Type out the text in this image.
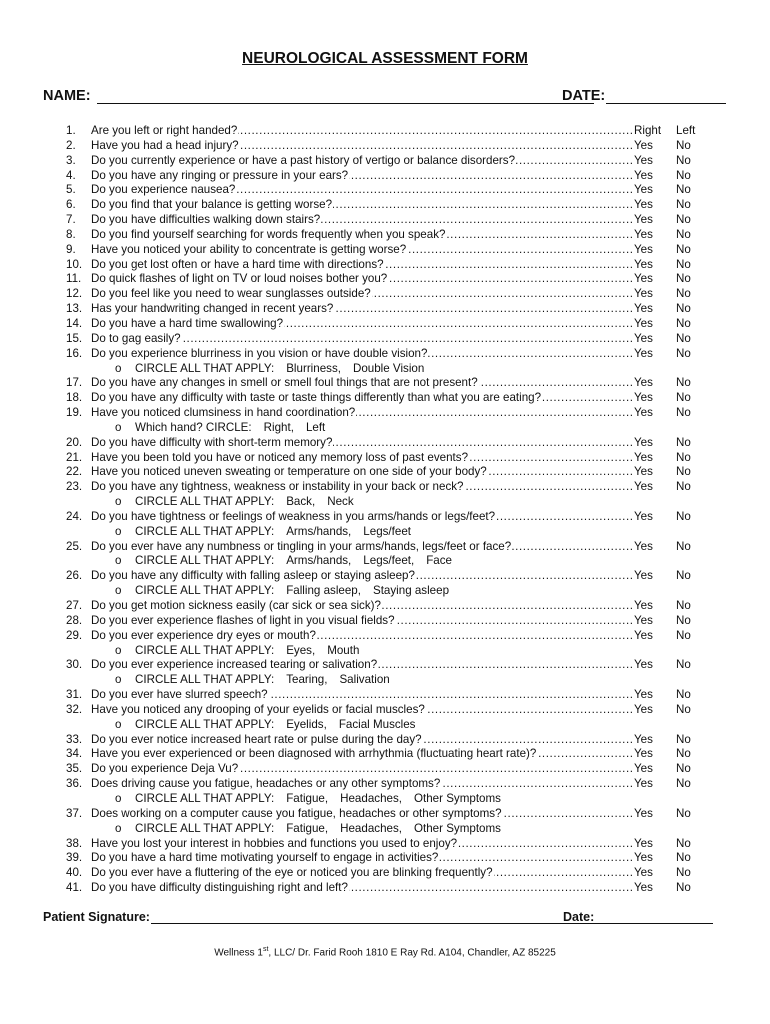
NEUROLOGICAL ASSESSMENT FORM
NAME:	DATE:
1.	Are you left or right handed? .....	Right Left
2.	Have you had a head injury? .....	Yes	No
3.	Do you currently experience or have a past history of vertigo or balance disorders? .....	Yes	No
4.	Do you have any ringing or pressure in your ears? .....	Yes	No
5.	Do you experience nausea? .....	Yes	No
6.	Do you find that your balance is getting worse? .....	Yes	No
7.	Do you have difficulties walking down stairs? .....	Yes	No
8.	Do you find yourself searching for words frequently when you speak? .....	Yes	No
9.	Have you noticed your ability to concentrate is getting worse? .....	Yes	No
10. Do you get lost often or have a hard time with directions? .....	Yes	No
11. Do quick flashes of light on TV or loud noises bother you? .....	Yes	No
12. Do you feel like you need to wear sunglasses outside? .....	Yes	No
13. Has your handwriting changed in recent years? .....	Yes	No
14. Do you have a hard time swallowing? .....	Yes	No
15. Do to gag easily? .....	Yes	No
16. Do you experience blurriness in you vision or have double vision? .....	Yes	No
o CIRCLE ALL THAT APPLY: Blurriness, Double Vision
17. Do you have any changes in smell or smell foul things that are not present? .....	Yes	No
18. Do you have any difficulty with taste or taste things differently than what you are eating? .....	Yes	No
19. Have you noticed clumsiness in hand coordination? .....	Yes	No
o Which hand? CIRCLE: Right, Left
20. Do you have difficulty with short-term memory? .....	Yes	No
21. Have you been told you have or noticed any memory loss of past events? .....	Yes	No
22. Have you noticed uneven sweating or temperature on one side of your body? .....	Yes	No
23. Do you have any tightness, weakness or instability in your back or neck? .....	Yes	No
o CIRCLE ALL THAT APPLY: Back, Neck
24. Do you have tightness or feelings of weakness in you arms/hands or legs/feet? .....	Yes	No
o CIRCLE ALL THAT APPLY: Arms/hands, Legs/feet
25. Do you ever have any numbness or tingling in your arms/hands, legs/feet or face? .....	Yes	No
o CIRCLE ALL THAT APPLY: Arms/hands, Legs/feet, Face
26. Do you have any difficulty with falling asleep or staying asleep? .....	Yes	No
o CIRCLE ALL THAT APPLY: Falling asleep, Staying asleep
27. Do you get motion sickness easily (car sick or sea sick)? .....	Yes	No
28. Do you ever experience flashes of light in you visual fields? .....	Yes	No
29. Do you ever experience dry eyes or mouth? .....	Yes	No
o CIRCLE ALL THAT APPLY: Eyes, Mouth
30. Do you ever experience increased tearing or salivation? .....	Yes	No
o CIRCLE ALL THAT APPLY: Tearing, Salivation
31. Do you ever have slurred speech? .....	Yes	No
32. Have you noticed any drooping of your eyelids or facial muscles? .....	Yes	No
o CIRCLE ALL THAT APPLY: Eyelids, Facial Muscles
33. Do you ever notice increased heart rate or pulse during the day? .....	Yes	No
34. Have you ever experienced or been diagnosed with arrhythmia (fluctuating heart rate)? .....	Yes	No
35. Do you experience Deja Vu? .....	Yes	No
36. Does driving cause you fatigue, headaches or any other symptoms? .....	Yes	No
o CIRCLE ALL THAT APPLY: Fatigue, Headaches, Other Symptoms
37. Does working on a computer cause you fatigue, headaches or other symptoms? .....	Yes	No
o CIRCLE ALL THAT APPLY: Fatigue, Headaches, Other Symptoms
38. Have you lost your interest in hobbies and functions you used to enjoy? .....	Yes	No
39. Do you have a hard time motivating yourself to engage in activities? .....	Yes	No
40. Do you ever have a fluttering of the eye or noticed you are blinking frequently? .....	Yes	No
41. Do you have difficulty distinguishing right and left? .....	Yes	No
Patient Signature:	Date:
Wellness 1st, LLC/ Dr. Farid Rooh 1810 E Ray Rd. A104, Chandler, AZ 85225
